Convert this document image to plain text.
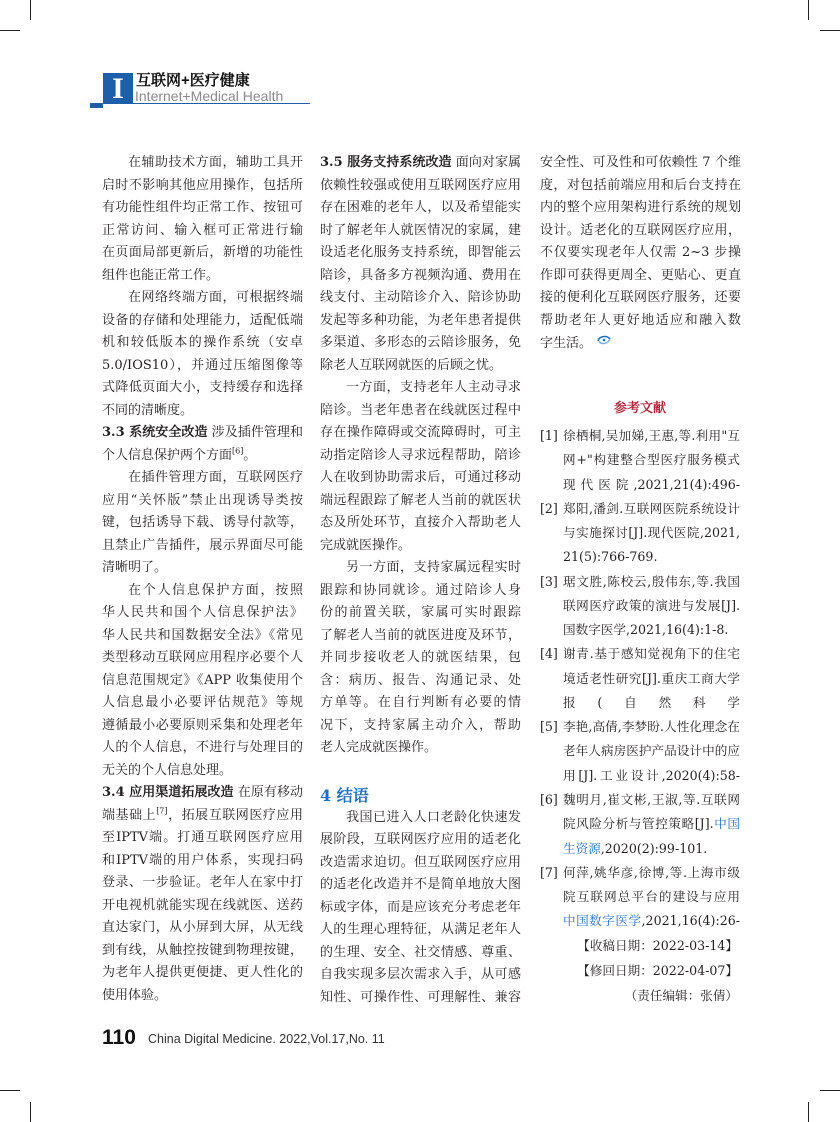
I 互联网+医疗健康
Internet+Medical Health
在辅助技术方面，辅助工具开
启时不影响其他应用操作，包括所
有功能性组件均正常工作、按钮可
正常访问、输入框可正常进行输
在页面局部更新后，新增的功能性
组件也能正常工作。
在网络终端方面，可根据终端
设备的存储和处理能力，适配低端
机和较低版本的操作系统（安卓
5.0/IOS10），并通过压缩图像等
式降低页面大小，支持缓存和选择
不同的清晰度。
3.3 系统安全改造 涉及插件管理和
个人信息保护两个方面[6]。
在插件管理方面，互联网医疗
应用“关怀版”禁止出现诱导类按
键，包括诱导下载、诱导付款等，
且禁止广告插件，展示界面尽可能
清晰明了。
在个人信息保护方面，按照
华人民共和国个人信息保护法》
华人民共和国数据安全法》《常见
类型移动互联网应用程序必要个人
信息范围规定》《APP 收集使用个
人信息最小必要评估规范》等规
遵循最小必要原则采集和处理老年
人的个人信息，不进行与处理目的
无关的个人信息处理。
3.4 应用渠道拓展改造 在原有移动
端基础上[7]，拓展互联网医疗应用
至IPTV端。打通互联网医疗应用
和IPTV端的用户体系，实现扫码
登录、一步验证。老年人在家中打
开电视机就能实现在线就医、送药
直达家门，从小屏到大屏，从无线
到有线，从触控按键到物理按键，
为老年人提供更便捷、更人性化的
使用体验。
3.5 服务支持系统改造 面向对家属
依赖性较强或使用互联网医疗应用
存在困难的老年人，以及希望能实
时了解老年人就医情况的家属，建
设适老化服务支持系统，即智能云
陪诊，具备多方视频沟通、费用在
线支付、主动陪诊介入、陪诊协助
发起等多种功能，为老年患者提供
多渠道、多形态的云陪诊服务，免
除老人互联网就医的后顾之忧。
一方面，支持老年人主动寻求
陪诊。当老年患者在线就医过程中
存在操作障碍或交流障碍时，可主
动指定陪诊人寻求远程帮助，陪诊
人在收到协助需求后，可通过移动
端远程跟踪了解老人当前的就医状
态及所处环节，直接介入帮助老人
完成就医操作。
另一方面，支持家属远程实时
跟踪和协同就诊。通过陪诊人身
份的前置关联，家属可实时跟踪
了解老人当前的就医进度及环节，
并同步接收老人的就医结果，包
含：病历、报告、沟通记录、处
方单等。在自行判断有必要的情
况下，支持家属主动介入，帮助
老人完成就医操作。
4 结语
我国已进入人口老龄化快速发
展阶段，互联网医疗应用的适老化
改造需求迫切。但互联网医疗应用
的适老化改造并不是简单地放大图
标或字体，而是应该充分考虑老年
人的生理心理特征，从满足老年人
的生理、安全、社交情感、尊重、
自我实现多层次需求入手，从可感
知性、可操作性、可理解性、兼容
安全性、可及性和可依赖性 7 个维
度，对包括前端应用和后台支持在
内的整个应用架构进行系统的规划
设计。适老化的互联网医疗应用，
不仅要实现老年人仅需 2~3 步操
作即可获得更周全、更贴心、更直
接的便利化互联网医疗服务，还要
帮助老年人更好地适应和融入数
字生活。
参考文献
[1] 徐栖桐,吴加娣,王惠,等.利用"互
网+"构建整合型医疗服务模式
现代医院,2021,21(4):496-
[2] 郑阳,潘剑.互联网医院系统设计
与实施探讨[J].现代医院,2021,
21(5):766-769.
[3] 琚文胜,陈校云,殷伟东,等.我国
联网医疗政策的演进与发展[J].
国数字医学,2021,16(4):1-8.
[4] 谢青.基于感知觉视角下的住宅
境适老性研究[J].重庆工商大学
报(自然科学
[5] 李艳,高倩,李梦盼.人性化理念在
老年人病房医护产品设计中的应
用[J].工业设计,2020(4):58-
[6] 魏明月,崔文彬,王淑,等.互联网
院风险分析与管控策略[J].中国
生资源,2020(2):99-101.
[7] 何萍,姚华彦,徐博,等.上海市级
院互联网总平台的建设与应用
中国数字医学,2021,16(4):26-
【收稿日期：2022-03-14】
【修回日期：2022-04-07】
（责任编辑：张倩）
110 China Digital Medicine. 2022,Vol.17,No. 11
